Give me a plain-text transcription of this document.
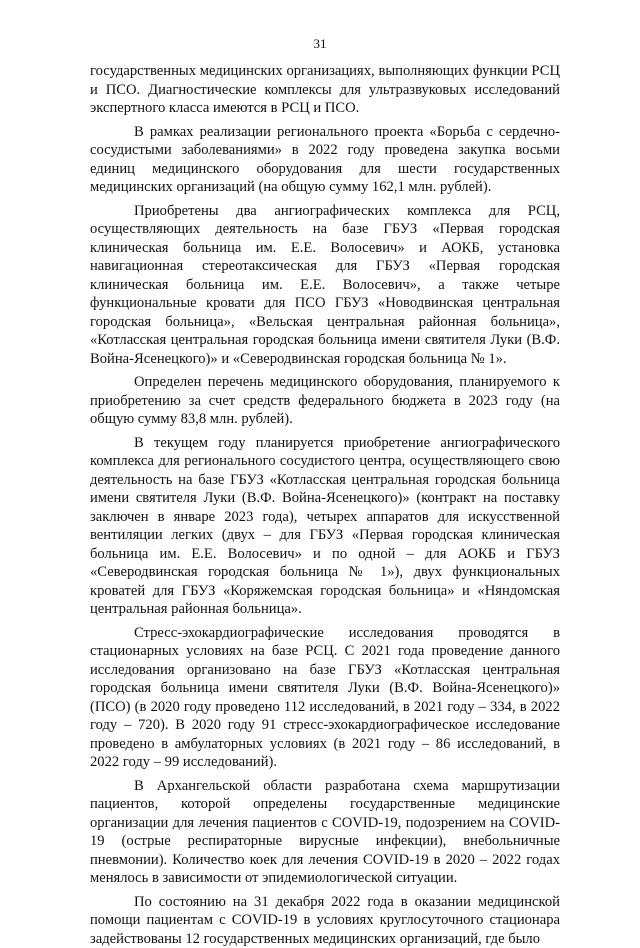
31

государственных медицинских организациях, выполняющих функции РСЦ и ПСО. Диагностические комплексы для ультразвуковых исследований экспертного класса имеются в РСЦ и ПСО.

В рамках реализации регионального проекта «Борьба с сердечно-сосудистыми заболеваниями» в 2022 году проведена закупка восьми единиц медицинского оборудования для шести государственных медицинских организаций (на общую сумму 162,1 млн. рублей).

Приобретены два ангиографических комплекса для РСЦ, осуществляющих деятельность на базе ГБУЗ «Первая городская клиническая больница им. Е.Е. Волосевич» и АОКБ, установка навигационная стереотаксическая для ГБУЗ «Первая городская клиническая больница им. Е.Е. Волосевич», а также четыре функциональные кровати для ПСО ГБУЗ «Новодвинская центральная городская больница», «Вельская центральная районная больница», «Котласская центральная городская больница имени святителя Луки (В.Ф. Война-Ясенецкого)» и «Северодвинская городская больница № 1».

Определен перечень медицинского оборудования, планируемого к приобретению за счет средств федерального бюджета в 2023 году (на общую сумму 83,8 млн. рублей).

В текущем году планируется приобретение ангиографического комплекса для регионального сосудистого центра, осуществляющего свою деятельность на базе ГБУЗ «Котласская центральная городская больница имени святителя Луки (В.Ф. Война-Ясенецкого)» (контракт на поставку заключен в январе 2023 года), четырех аппаратов для искусственной вентиляции легких (двух – для ГБУЗ «Первая городская клиническая больница им. Е.Е. Волосевич» и по одной – для АОКБ и ГБУЗ «Северодвинская городская больница № 1»), двух функциональных кроватей для ГБУЗ «Коряжемская городская больница» и «Няндомская центральная районная больница».

Стресс-эхокардиографические исследования проводятся в стационарных условиях на базе РСЦ. С 2021 года проведение данного исследования организовано на базе ГБУЗ «Котласская центральная городская больница имени святителя Луки (В.Ф. Война-Ясенецкого)» (ПСО) (в 2020 году проведено 112 исследований, в 2021 году – 334, в 2022 году – 720). В 2020 году 91 стресс-эхокардиографическое исследование проведено в амбулаторных условиях (в 2021 году – 86 исследований, в 2022 году – 99 исследований).

В Архангельской области разработана схема маршрутизации пациентов, которой определены государственные медицинские организации для лечения пациентов с COVID-19, подозрением на COVID-19 (острые респираторные вирусные инфекции), внебольничные пневмонии). Количество коек для лечения COVID-19 в 2020 – 2022 годах менялось в зависимости от эпидемиологической ситуации.

По состоянию на 31 декабря 2022 года в оказании медицинской помощи пациентам с COVID-19 в условиях круглосуточного стационара задействованы 12 государственных медицинских организаций, где было
